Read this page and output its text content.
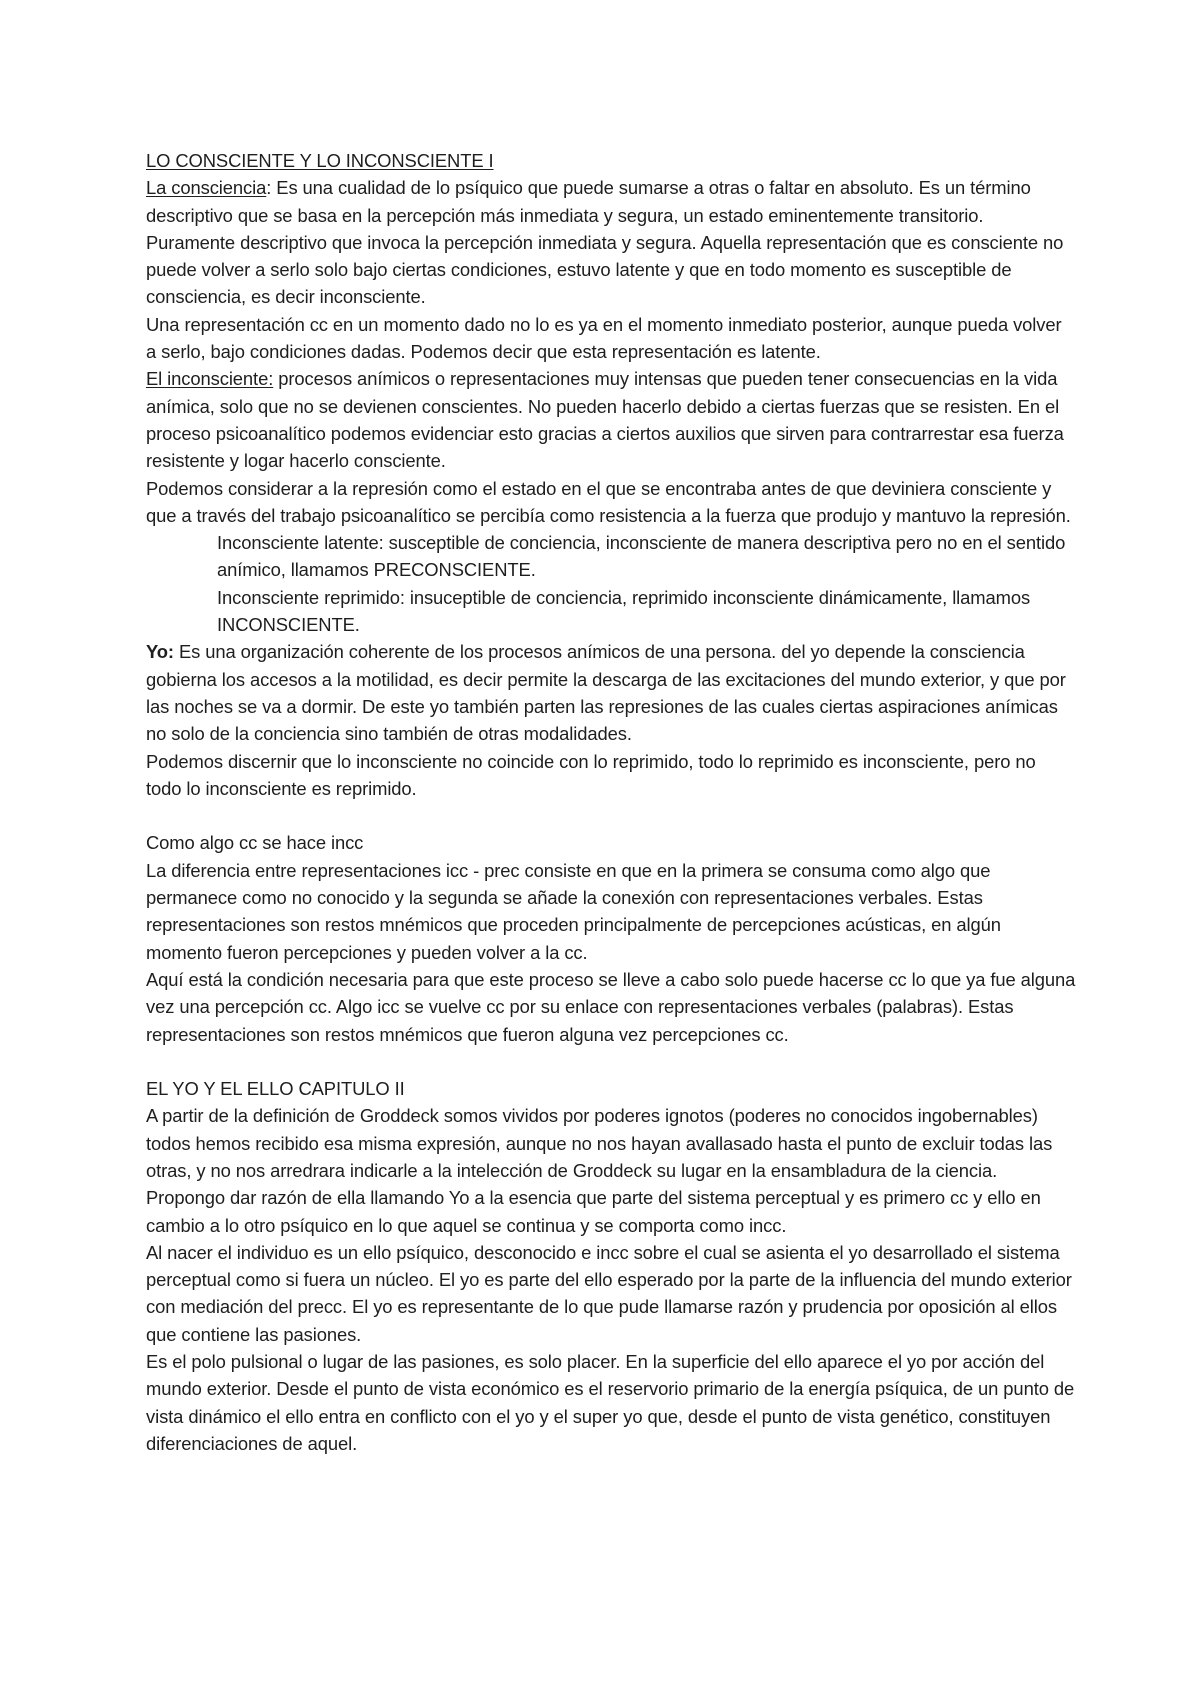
LO CONSCIENTE Y LO INCONSCIENTE I

La consciencia: Es una cualidad de lo psíquico que puede sumarse a otras o faltar en absoluto. Es un término descriptivo que se basa en la percepción más inmediata y segura, un estado eminentemente transitorio. Puramente descriptivo que invoca la percepción inmediata y segura. Aquella representación que es consciente no puede volver a serlo solo bajo ciertas condiciones, estuvo latente y que en todo momento es susceptible de consciencia, es decir inconsciente.

Una representación cc en un momento dado no lo es ya en el momento inmediato posterior, aunque pueda volver a serlo, bajo condiciones dadas. Podemos decir que esta representación es latente.

El inconsciente: procesos anímicos o representaciones muy intensas que pueden tener consecuencias en la vida anímica, solo que no se devienen conscientes. No pueden hacerlo debido a ciertas fuerzas que se resisten. En el proceso psicoanalítico podemos evidenciar esto gracias a ciertos auxilios que sirven para contrarrestar esa fuerza resistente y logar hacerlo consciente.

Podemos considerar a la represión como el estado en el que se encontraba antes de que deviniera consciente y que a través del trabajo psicoanalítico se percibía como resistencia a la fuerza que produjo y mantuvo la represión.

Inconsciente latente: susceptible de conciencia, inconsciente de manera descriptiva pero no en el sentido anímico, llamamos PRECONSCIENTE.

Inconsciente reprimido: insuceptible de conciencia, reprimido inconsciente dinámicamente, llamamos INCONSCIENTE.

Yo: Es una organización coherente de los procesos anímicos de una persona. del yo depende la consciencia gobierna los accesos a la motilidad, es decir permite la descarga de las excitaciones del mundo exterior, y que por las noches se va a dormir. De este yo también parten las represiones de las cuales ciertas aspiraciones anímicas no solo de la conciencia sino también de otras modalidades.

Podemos discernir que lo inconsciente no coincide con lo reprimido, todo lo reprimido es inconsciente, pero no todo lo inconsciente es reprimido.

Como algo cc se hace incc

La diferencia entre representaciones icc - prec consiste en que en la primera se consuma como algo que permanece como no conocido y la segunda se añade la conexión con representaciones verbales. Estas representaciones son restos mnémicos que proceden principalmente de percepciones acústicas, en algún momento fueron percepciones y pueden volver a la cc.

Aquí está la condición necesaria para que este proceso se lleve a cabo solo puede hacerse cc lo que ya fue alguna vez una percepción cc. Algo icc se vuelve cc por su enlace con representaciones verbales (palabras). Estas representaciones son restos mnémicos que fueron alguna vez percepciones cc.

EL YO Y EL ELLO CAPITULO II

A partir de la definición de Groddeck somos vividos por poderes ignotos (poderes no conocidos ingobernables) todos hemos recibido esa misma expresión, aunque no nos hayan avallasado hasta el punto de excluir todas las otras, y no nos arredrara indicarle a la intelección de Groddeck su lugar en la ensambladura de la ciencia. Propongo dar razón de ella llamando Yo a la esencia que parte del sistema perceptual y es primero cc y ello en cambio a lo otro psíquico en lo que aquel se continua y se comporta como incc.

Al nacer el individuo es un ello psíquico, desconocido e incc sobre el cual se asienta el yo desarrollado el sistema perceptual como si fuera un núcleo. El yo es parte del ello esperado por la parte de la influencia del mundo exterior con mediación del precc. El yo es representante de lo que pude llamarse razón y prudencia por oposición al ellos que contiene las pasiones.

Es el polo pulsional o lugar de las pasiones, es solo placer. En la superficie del ello aparece el yo por acción del mundo exterior. Desde el punto de vista económico es el reservorio primario de la energía psíquica, de un punto de vista dinámico el ello entra en conflicto con el yo y el super yo que, desde el punto de vista genético, constituyen diferenciaciones de aquel.
